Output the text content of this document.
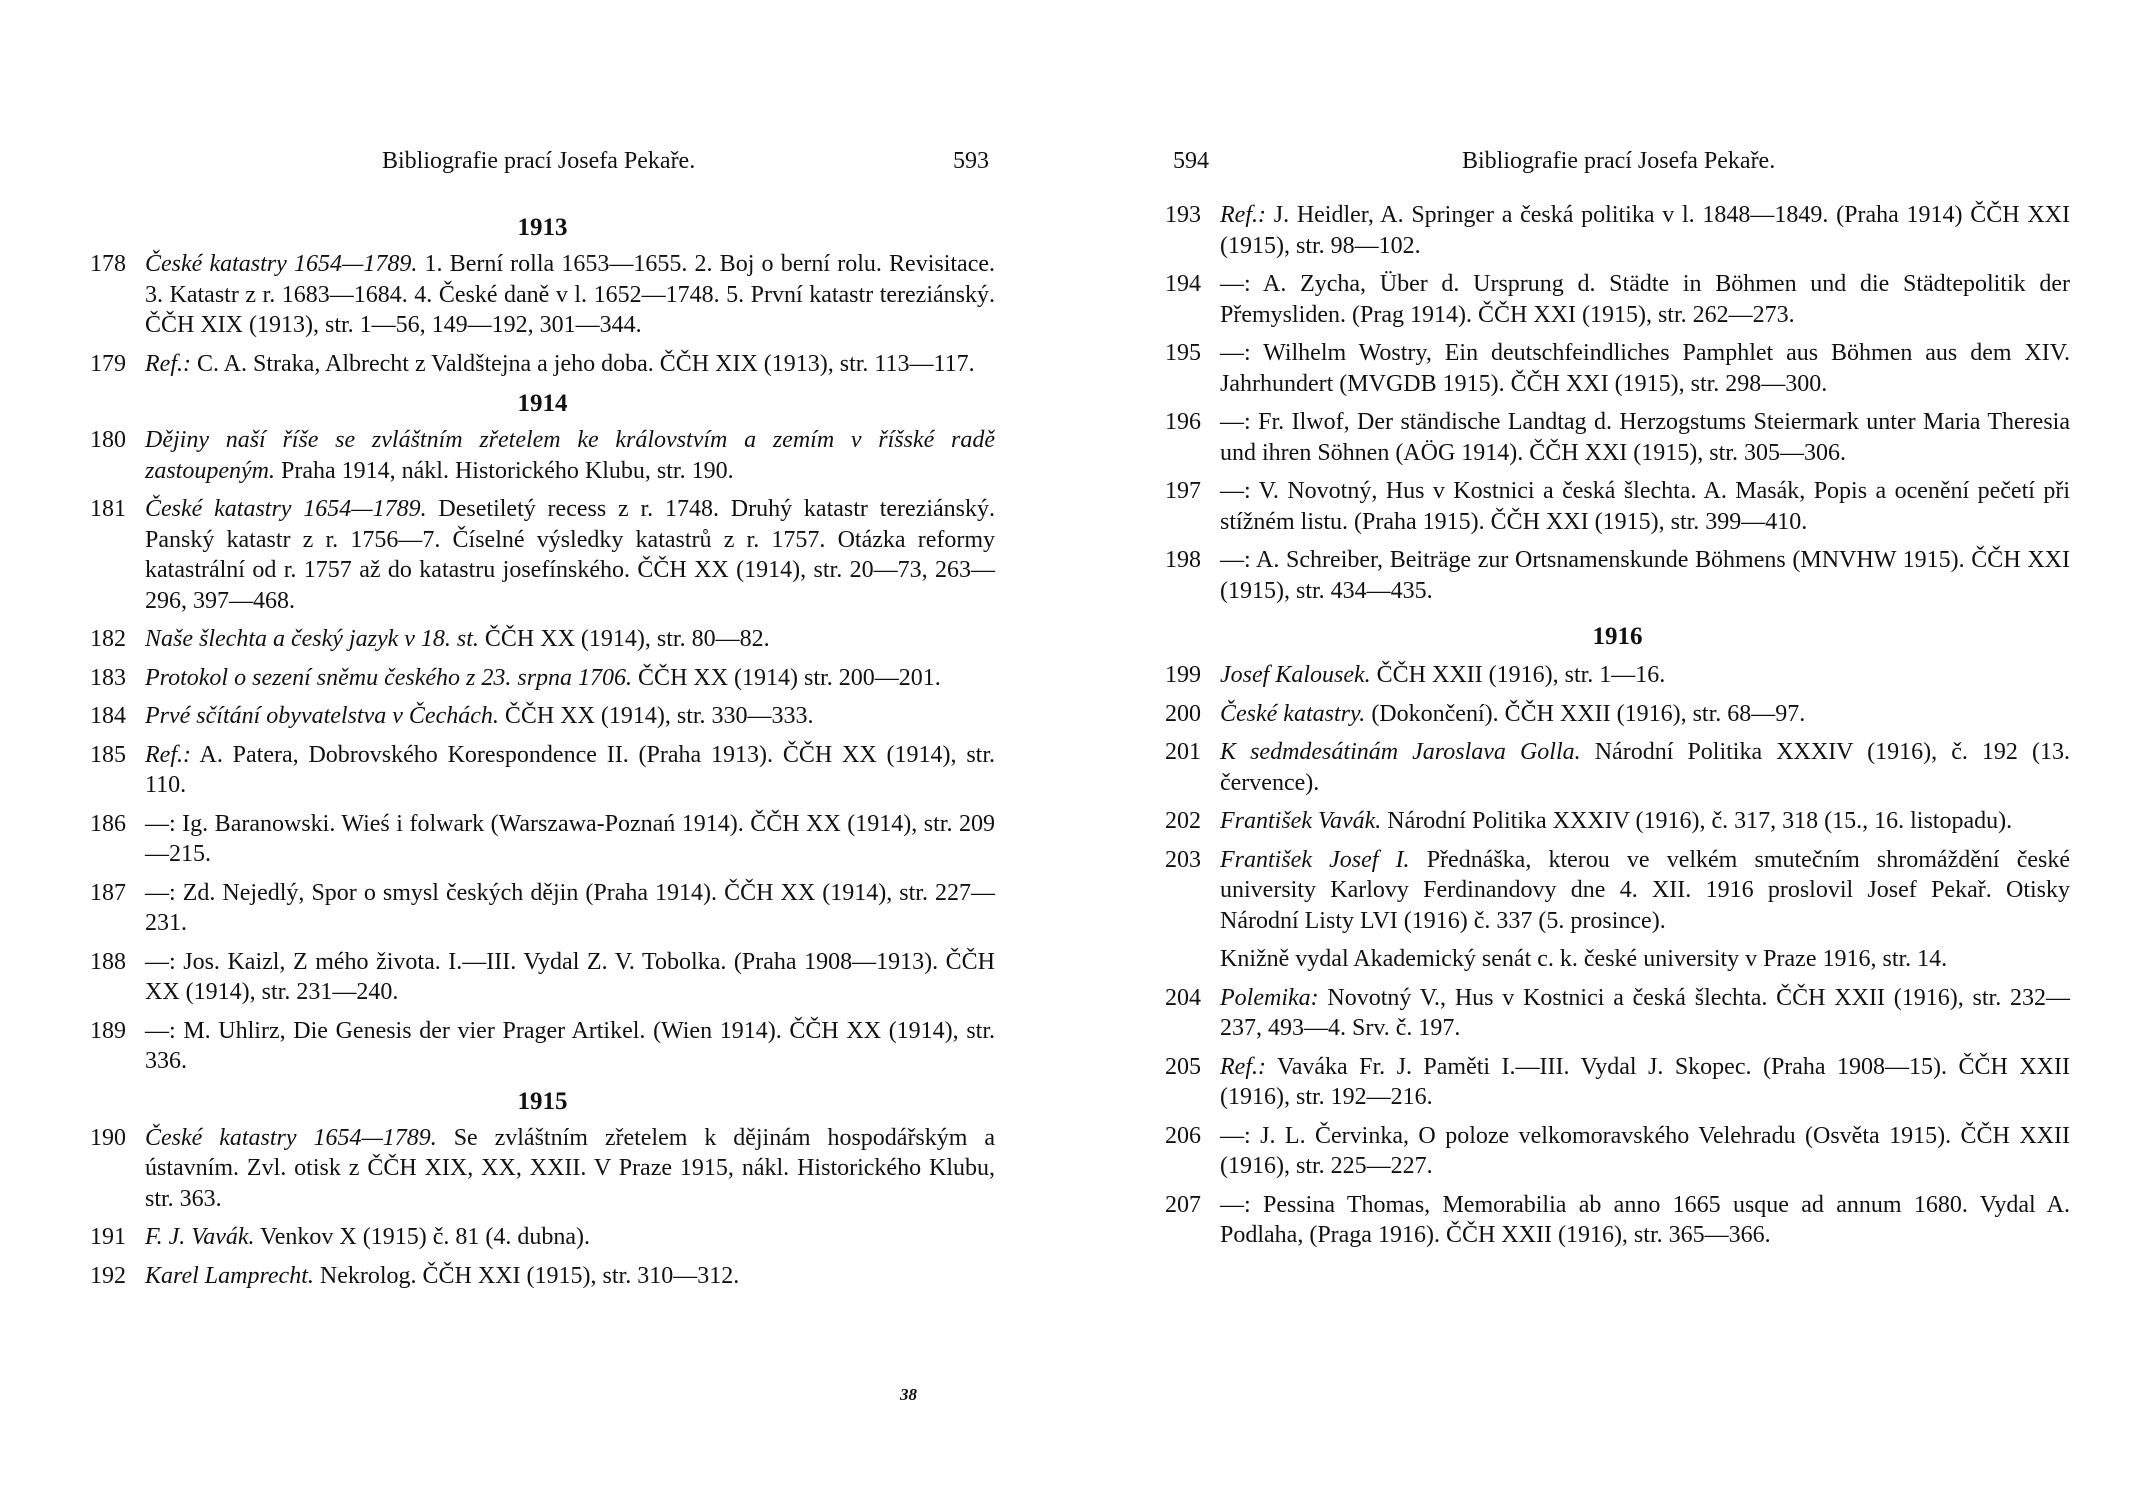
Bibliografie prací Josefa Pekaře.	593
1913
178 České katastry 1654—1789. 1. Berní rolla 1653—1655. 2. Boj o berní rolu. Revisitace. 3. Katastr z r. 1683—1684. 4. České daně v l. 1652—1748. 5. První katastr tereziánský. ČČH XIX (1913), str. 1—56, 149—192, 301—344.
179 Ref.: C. A. Straka, Albrecht z Valdštejna a jeho doba. ČČH XIX (1913), str. 113—117.
1914
180 Dějiny naší říše se zvláštním zřetelem ke královstvím a zemím v říšské radě zastoupeným. Praha 1914, nákl. Historického Klubu, str. 190.
181 České katastry 1654—1789. Desetiletý recess z r. 1748. Druhý katastr tereziánský. Panský katastr z r. 1756—7. Číselné výsledky katastrů z r. 1757. Otázka reformy katastrální od r. 1757 až do katastru josefínského. ČČH XX (1914), str. 20—73, 263—296, 397—468.
182 Naše šlechta a český jazyk v 18. st. ČČH XX (1914), str. 80—82.
183 Protokol o sezení sněmu českého z 23. srpna 1706. ČČH XX (1914) str. 200—201.
184 Prvé sčítání obyvatelstva v Čechách. ČČH XX (1914), str. 330—333.
185 Ref.: A. Patera, Dobrovského Korespondence II. (Praha 1913). ČČH XX (1914), str. 110.
186 —: Ig. Baranowski. Wieś i folwark (Warszawa-Poznań 1914). ČČH XX (1914), str. 209—215.
187 —: Zd. Nejedlý, Spor o smysl českých dějin (Praha 1914). ČČH XX (1914), str. 227—231.
188 —: Jos. Kaizl, Z mého života. I.—III. Vydal Z. V. Tobolka. (Praha 1908—1913). ČČH XX (1914), str. 231—240.
189 —: M. Uhlirz, Die Genesis der vier Prager Artikel. (Wien 1914). ČČH XX (1914), str. 336.
1915
190 České katastry 1654—1789. Se zvláštním zřetelem k dějinám hospodářským a ústavním. Zvl. otisk z ČČH XIX, XX, XXII. V Praze 1915, nákl. Historického Klubu, str. 363.
191 F. J. Vavák. Venkov X (1915) č. 81 (4. dubna).
192 Karel Lamprecht. Nekrolog. ČČH XXI (1915), str. 310—312.
38
594	Bibliografie prací Josefa Pekaře.
193 Ref.: J. Heidler, A. Springer a česká politika v l. 1848—1849. (Praha 1914) ČČH XXI (1915), str. 98—102.
194 —: A. Zycha, Über d. Ursprung d. Städte in Böhmen und die Städtepolitik der Přemysliden. (Prag 1914). ČČH XXI (1915), str. 262—273.
195 —: Wilhelm Wostry, Ein deutschfeindliches Pamphlet aus Böhmen aus dem XIV. Jahrhundert (MVGDB 1915). ČČH XXI (1915), str. 298—300.
196 —: Fr. Ilwof, Der ständische Landtag d. Herzogstums Steiermark unter Maria Theresia und ihren Söhnen (AÖG 1914). ČČH XXI (1915), str. 305—306.
197 —: V. Novotný, Hus v Kostnici a česká šlechta. A. Masák, Popis a ocenění pečetí při stížném listu. (Praha 1915). ČČH XXI (1915), str. 399—410.
198 —: A. Schreiber, Beiträge zur Ortsnamenskunde Böhmens (MNVHW 1915). ČČH XXI (1915), str. 434—435.
1916
199 Josef Kalousek. ČČH XXII (1916), str. 1—16.
200 České katastry. (Dokončení). ČČH XXII (1916), str. 68—97.
201 K sedmdesátinám Jaroslava Golla. Národní Politika XXXIV (1916), č. 192 (13. července).
202 František Vavák. Národní Politika XXXIV (1916), č. 317, 318 (15., 16. listopadu).
203 František Josef I. Přednáška, kterou ve velkém smutečním shromáždění české university Karlovy Ferdinandovy dne 4. XII. 1916 proslovil Josef Pekař. Otisky Národní Listy LVI (1916) č. 337 (5. prosince).
Knižně vydal Akademický senát c. k. české university v Praze 1916, str. 14.
204 Polemika: Novotný V., Hus v Kostnici a česká šlechta. ČČH XXII (1916), str. 232—237, 493—4. Srv. č. 197.
205 Ref.: Vaváka Fr. J. Paměti I.—III. Vydal J. Skopec. (Praha 1908—15). ČČH XXII (1916), str. 192—216.
206 —: J. L. Červinka, O poloze velkomoravského Velehradu (Osvěta 1915). ČČH XXII (1916), str. 225—227.
207 —: Pessina Thomas, Memorabilia ab anno 1665 usque ad annum 1680. Vydal A. Podlaha, (Praga 1916). ČČH XXII (1916), str. 365—366.
